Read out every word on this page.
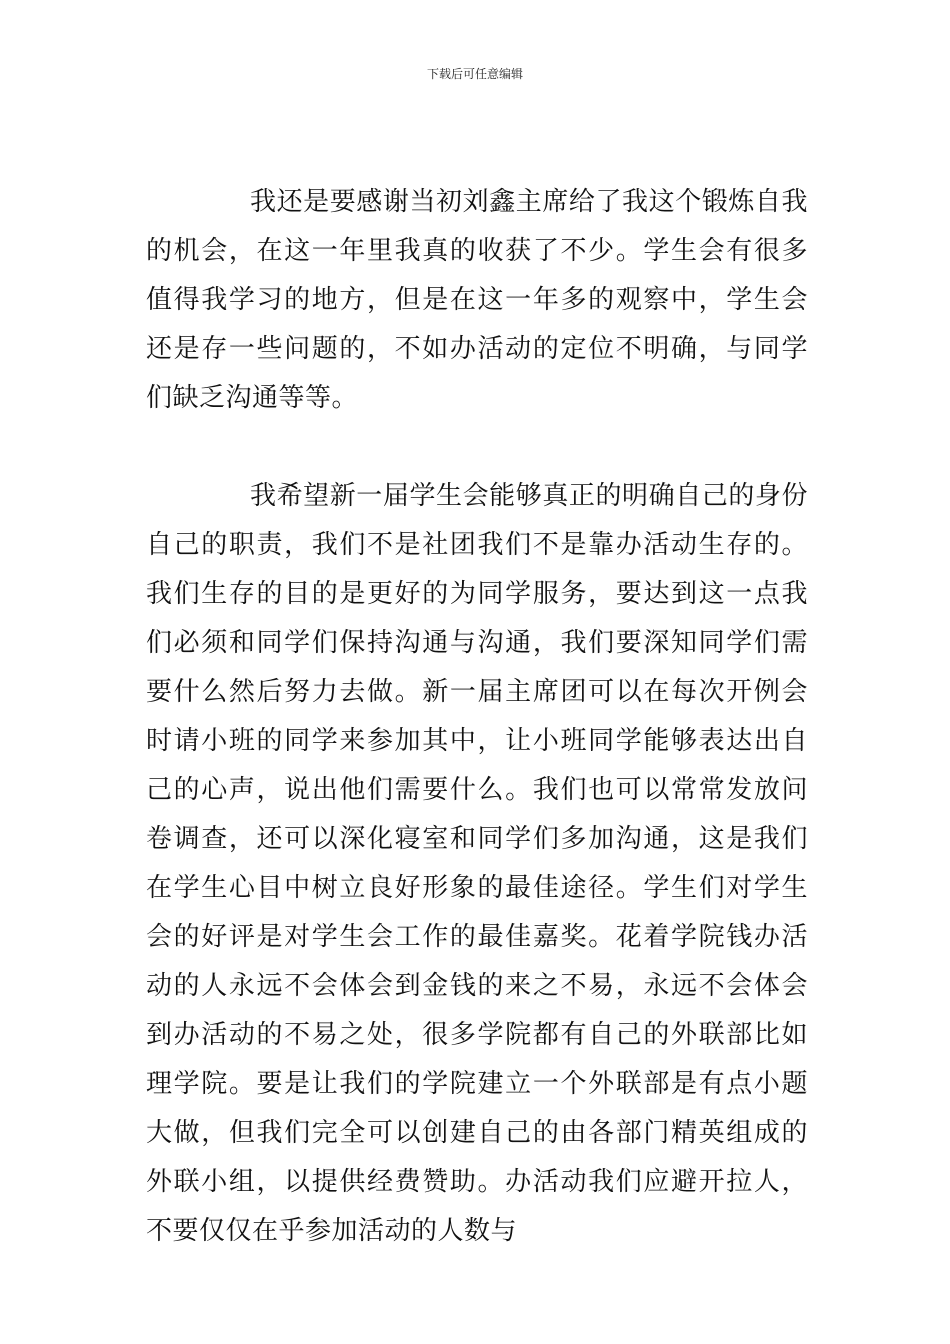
下载后可任意编辑

我还是要感谢当初刘鑫主席给了我这个锻炼自我的机会，在这一年里我真的收获了不少。学生会有很多值得我学习的地方，但是在这一年多的观察中，学生会还是存一些问题的，不如办活动的定位不明确，与同学们缺乏沟通等等。

我希望新一届学生会能够真正的明确自己的身份自己的职责，我们不是社团我们不是靠办活动生存的。我们生存的目的是更好的为同学服务，要达到这一点我们必须和同学们保持沟通与沟通，我们要深知同学们需要什么然后努力去做。新一届主席团可以在每次开例会时请小班的同学来参加其中，让小班同学能够表达出自己的心声，说出他们需要什么。我们也可以常常发放问卷调查，还可以深化寝室和同学们多加沟通，这是我们在学生心目中树立良好形象的最佳途径。学生们对学生会的好评是对学生会工作的最佳嘉奖。花着学院钱办活动的人永远不会体会到金钱的来之不易，永远不会体会到办活动的不易之处，很多学院都有自己的外联部比如理学院。要是让我们的学院建立一个外联部是有点小题大做，但我们完全可以创建自己的由各部门精英组成的外联小组，以提供经费赞助。办活动我们应避开拉人，不要仅仅在乎参加活动的人数与
